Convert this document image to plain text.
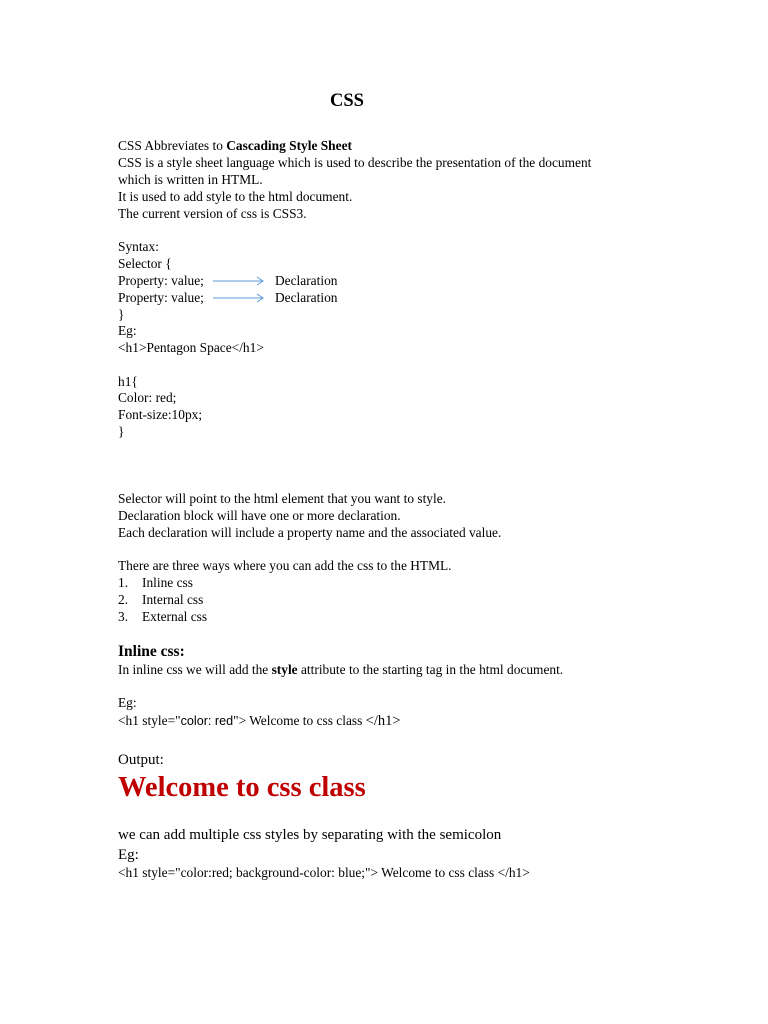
CSS
CSS Abbreviates to Cascading Style Sheet
CSS is a style sheet language which is used to describe the presentation of the document
which is written in HTML.
It is used to add style to the html document.
The current version of css is CSS3.
Syntax:
Selector {
Property: value;	Declaration
Property: value;	Declaration
}
Eg:
<h1>Pentagon Space</h1>
h1{
Color: red;
Font-size:10px;
}
Selector will point to the html element that you want to style.
Declaration block will have one or more declaration.
Each declaration will include a property name and the associated value.
There are three ways where you can add the css to the HTML.
1. Inline css
2. Internal css
3. External css
Inline css:
In inline css we will add the style attribute to the starting tag in the html document.
Eg:
<h1 style="color: red"> Welcome to css class </h1>
Output:
Welcome to css class
we can add multiple css styles by separating with the semicolon
Eg:
<h1 style="color:red; background-color: blue;"> Welcome to css class </h1>
